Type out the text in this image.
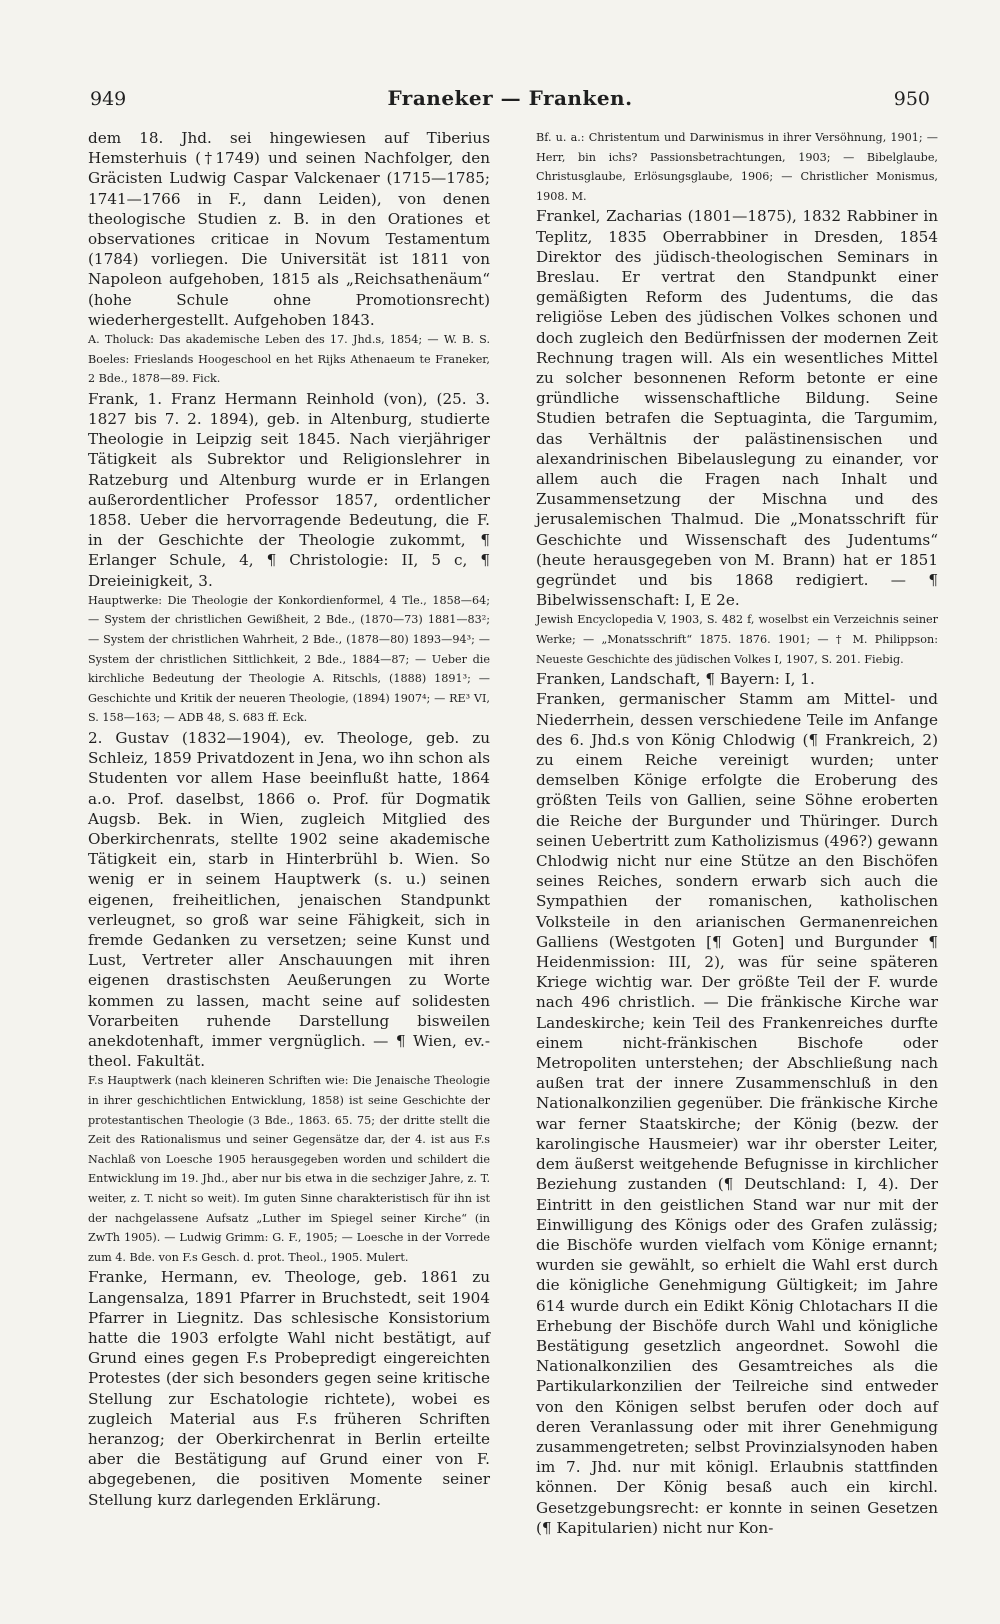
949	Franeker — Franken.	950

dem 18. Jhd. sei hingewiesen auf Tiberius Hemsterhuis (†1749) und seinen Nachfolger, den Gräcisten Ludwig Caspar Valckenaer (1715—1785; 1741—1766 in F., dann Leiden), von denen theologische Studien z. B. in den Orationes et observationes criticae in Novum Testamentum (1784) vorliegen. Die Universität ist 1811 von Napoleon aufgehoben, 1815 als „Reichsathenäum“ (hohe Schule ohne Promotionsrecht) wiederhergestellt. Aufgehoben 1843.

A. Tholuck: Das akademische Leben des 17. Jhd.s, 1854; — W. B. S. Boeles: Frieslands Hoogeschool en het Rijks Athenaeum te Franeker, 2 Bde., 1878—89. Fick.

Frank, 1. Franz Hermann Reinhold (von), (25. 3. 1827 bis 7. 2. 1894), geb. in Altenburg, studierte Theologie in Leipzig seit 1845. Nach vierjähriger Tätigkeit als Subrektor und Religionslehrer in Ratzeburg und Altenburg wurde er in Erlangen außerordentlicher Professor 1857, ordentlicher 1858. Ueber die hervorragende Bedeutung, die F. in der Geschichte der Theologie zukommt, ¶ Erlanger Schule, 4, ¶ Christologie: II, 5 c, ¶ Dreieinigkeit, 3.

Hauptwerke: Die Theologie der Konkordienformel, 4 Tle., 1858—64; — System der christlichen Gewißheit, 2 Bde., (1870—73) 1881—83²; — System der christlichen Wahrheit, 2 Bde., (1878—80) 1893—94³; — System der christlichen Sittlichkeit, 2 Bde., 1884—87; — Ueber die kirchliche Bedeutung der Theologie A. Ritschls, (1888) 1891³; — Geschichte und Kritik der neueren Theologie, (1894) 1907⁴; — RE³ VI, S. 158—163; — ADB 48, S. 683 ff. Eck.

2. Gustav (1832—1904), ev. Theologe, geb. zu Schleiz, 1859 Privatdozent in Jena, wo ihn schon als Studenten vor allem Hase beeinflußt hatte, 1864 a.o. Prof. daselbst, 1866 o. Prof. für Dogmatik Augsb. Bek. in Wien, zugleich Mitglied des Oberkirchenrats, stellte 1902 seine akademische Tätigkeit ein, starb in Hinterbrühl b. Wien. So wenig er in seinem Hauptwerk (s. u.) seinen eigenen, freiheitlichen, jenaischen Standpunkt verleugnet, so groß war seine Fähigkeit, sich in fremde Gedanken zu versetzen; seine Kunst und Lust, Vertreter aller Anschauungen mit ihren eigenen drastischsten Aeußerungen zu Worte kommen zu lassen, macht seine auf solidesten Vorarbeiten ruhende Darstellung bisweilen anekdotenhaft, immer vergnüglich. — ¶ Wien, ev.-theol. Fakultät.

F.s Hauptwerk (nach kleineren Schriften wie: Die Jenaische Theologie in ihrer geschichtlichen Entwicklung, 1858) ist seine Geschichte der protestantischen Theologie (3 Bde., 1863. 65. 75; der dritte stellt die Zeit des Rationalismus und seiner Gegensätze dar, der 4. ist aus F.s Nachlaß von Loesche 1905 herausgegeben worden und schildert die Entwicklung im 19. Jhd., aber nur bis etwa in die sechziger Jahre, z. T. weiter, z. T. nicht so weit). Im guten Sinne charakteristisch für ihn ist der nachgelassene Aufsatz „Luther im Spiegel seiner Kirche“ (in ZwTh 1905). — Ludwig Grimm: G. F., 1905; — Loesche in der Vorrede zum 4. Bde. von F.s Gesch. d. prot. Theol., 1905. Mulert.

Franke, Hermann, ev. Theologe, geb. 1861 zu Langensalza, 1891 Pfarrer in Bruchstedt, seit 1904 Pfarrer in Liegnitz. Das schlesische Konsistorium hatte die 1903 erfolgte Wahl nicht bestätigt, auf Grund eines gegen F.s Probepredigt eingereichten Protestes (der sich besonders gegen seine kritische Stellung zur Eschatologie richtete), wobei es zugleich Material aus F.s früheren Schriften heranzog; der Oberkirchenrat in Berlin erteilte aber die Bestätigung auf Grund einer von F. abgegebenen, die positiven Momente seiner Stellung kurz darlegenden Erklärung.

Bf. u. a.: Christentum und Darwinismus in ihrer Versöhnung, 1901; — Herr, bin ichs? Passionsbetrachtungen, 1903; — Bibelglaube, Christusglaube, Erlösungsglaube, 1906; — Christlicher Monismus, 1908. M.

Frankel, Zacharias (1801—1875), 1832 Rabbiner in Teplitz, 1835 Oberrabbiner in Dresden, 1854 Direktor des jüdisch-theologischen Seminars in Breslau. Er vertrat den Standpunkt einer gemäßigten Reform des Judentums, die das religiöse Leben des jüdischen Volkes schonen und doch zugleich den Bedürfnissen der modernen Zeit Rechnung tragen will. Als ein wesentliches Mittel zu solcher besonnenen Reform betonte er eine gründliche wissenschaftliche Bildung. Seine Studien betrafen die Septuaginta, die Targumim, das Verhältnis der palästinensischen und alexandrinischen Bibelauslegung zu einander, vor allem auch die Fragen nach Inhalt und Zusammensetzung der Mischna und des jerusalemischen Thalmud. Die „Monatsschrift für Geschichte und Wissenschaft des Judentums“ (heute herausgegeben von M. Brann) hat er 1851 gegründet und bis 1868 redigiert. — ¶ Bibelwissenschaft: I, E 2e.

Jewish Encyclopedia V, 1903, S. 482 f, woselbst ein Verzeichnis seiner Werke; — „Monatsschrift“ 1875. 1876. 1901; — † M. Philippson: Neueste Geschichte des jüdischen Volkes I, 1907, S. 201. Fiebig.

Franken, Landschaft, ¶ Bayern: I, 1.

Franken, germanischer Stamm am Mittel- und Niederrhein, dessen verschiedene Teile im Anfange des 6. Jhd.s von König Chlodwig (¶ Frankreich, 2) zu einem Reiche vereinigt wurden; unter demselben Könige erfolgte die Eroberung des größten Teils von Gallien, seine Söhne eroberten die Reiche der Burgunder und Thüringer. Durch seinen Uebertritt zum Katholizismus (496?) gewann Chlodwig nicht nur eine Stütze an den Bischöfen seines Reiches, sondern erwarb sich auch die Sympathien der romanischen, katholischen Volksteile in den arianischen Germanenreichen Galliens (Westgoten [¶ Goten] und Burgunder ¶ Heidenmission: III, 2), was für seine späteren Kriege wichtig war. Der größte Teil der F. wurde nach 496 christlich. — Die fränkische Kirche war Landeskirche; kein Teil des Frankenreiches durfte einem nicht-fränkischen Bischofe oder Metropoliten unterstehen; der Abschließung nach außen trat der innere Zusammenschluß in den Nationalkonzilien gegenüber. Die fränkische Kirche war ferner Staatskirche; der König (bezw. der karolingische Hausmeier) war ihr oberster Leiter, dem äußerst weitgehende Befugnisse in kirchlicher Beziehung zustanden (¶ Deutschland: I, 4). Der Eintritt in den geistlichen Stand war nur mit der Einwilligung des Königs oder des Grafen zulässig; die Bischöfe wurden vielfach vom Könige ernannt; wurden sie gewählt, so erhielt die Wahl erst durch die königliche Genehmigung Gültigkeit; im Jahre 614 wurde durch ein Edikt König Chlotachars II die Erhebung der Bischöfe durch Wahl und königliche Bestätigung gesetzlich angeordnet. Sowohl die Nationalkonzilien des Gesamtreiches als die Partikularkonzilien der Teilreiche sind entweder von den Königen selbst berufen oder doch auf deren Veranlassung oder mit ihrer Genehmigung zusammengetreten; selbst Provinzialsynoden haben im 7. Jhd. nur mit königl. Erlaubnis stattfinden können. Der König besaß auch ein kirchl. Gesetzgebungsrecht: er konnte in seinen Gesetzen (¶ Kapitularien) nicht nur Kon-
